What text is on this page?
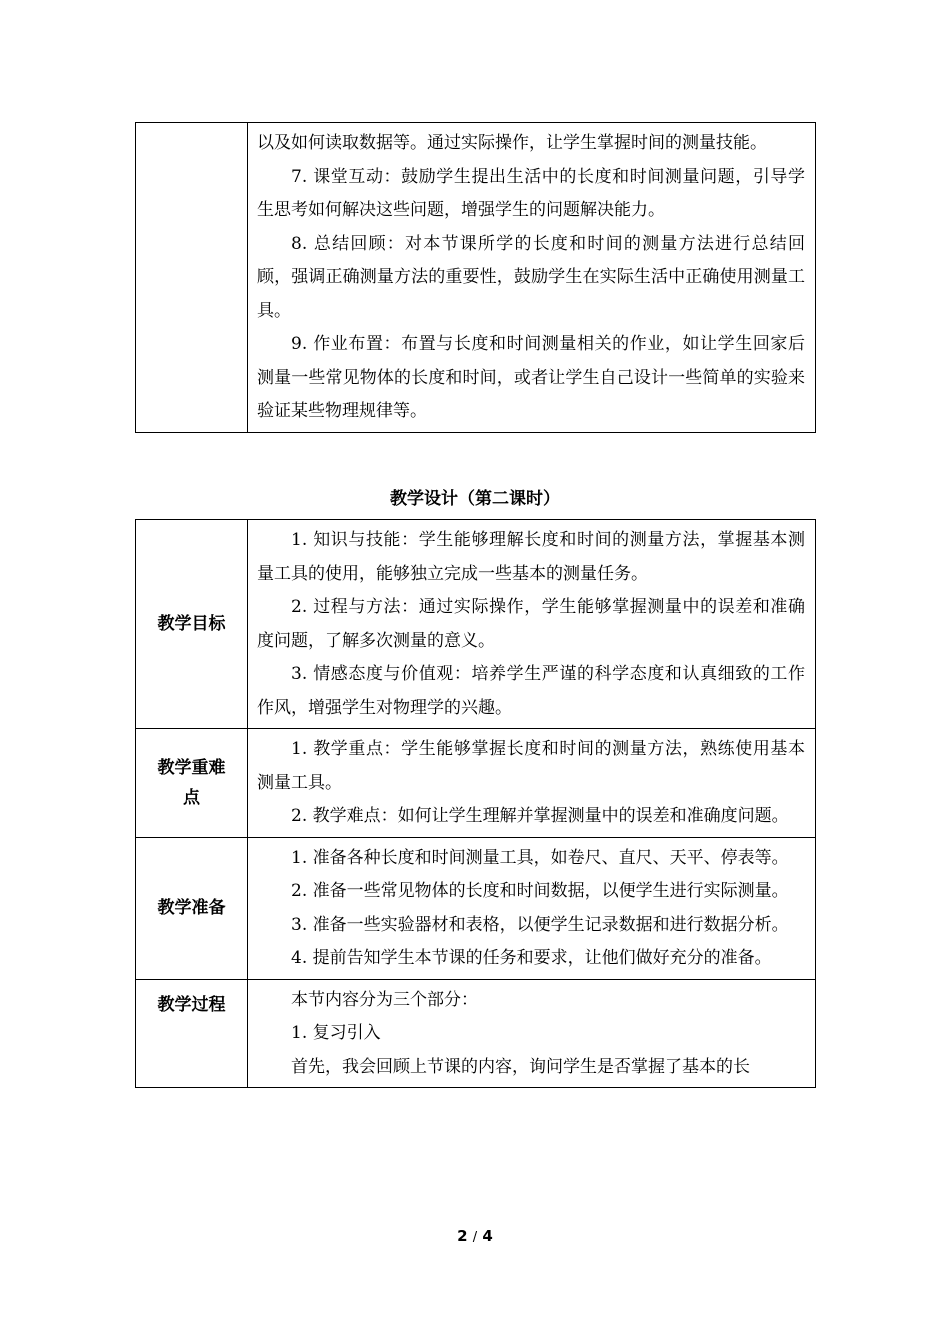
以及如何读取数据等。通过实际操作，让学生掌握时间的测量技能。

7. 课堂互动：鼓励学生提出生活中的长度和时间测量问题，引导学生思考如何解决这些问题，增强学生的问题解决能力。

8. 总结回顾：对本节课所学的长度和时间的测量方法进行总结回顾，强调正确测量方法的重要性，鼓励学生在实际生活中正确使用测量工具。

9. 作业布置：布置与长度和时间测量相关的作业，如让学生回家后测量一些常见物体的长度和时间，或者让学生自己设计一些简单的实验来验证某些物理规律等。

教学设计（第二课时）
教学目标	1. 知识与技能：学生能够理解长度和时间的测量方法，掌握基本测量工具的使用，能够独立完成一些基本的测量任务。

2. 过程与方法：通过实际操作，学生能够掌握测量中的误差和准确度问题，了解多次测量的意义。

3. 情感态度与价值观：培养学生严谨的科学态度和认真细致的工作作风，增强学生对物理学的兴趣。

教学重难点	1. 教学重点：学生能够掌握长度和时间的测量方法，熟练使用基本测量工具。

2. 教学难点：如何让学生理解并掌握测量中的误差和准确度问题。

教学准备	1. 准备各种长度和时间测量工具，如卷尺、直尺、天平、停表等。

2. 准备一些常见物体的长度和时间数据，以便学生进行实际测量。

3. 准备一些实验器材和表格，以便学生记录数据和进行数据分析。

4. 提前告知学生本节课的任务和要求，让他们做好充分的准备。

教学过程	本节内容分为三个部分：

1. 复习引入

首先，我会回顾上节课的内容，询问学生是否掌握了基本的长

2 / 4
